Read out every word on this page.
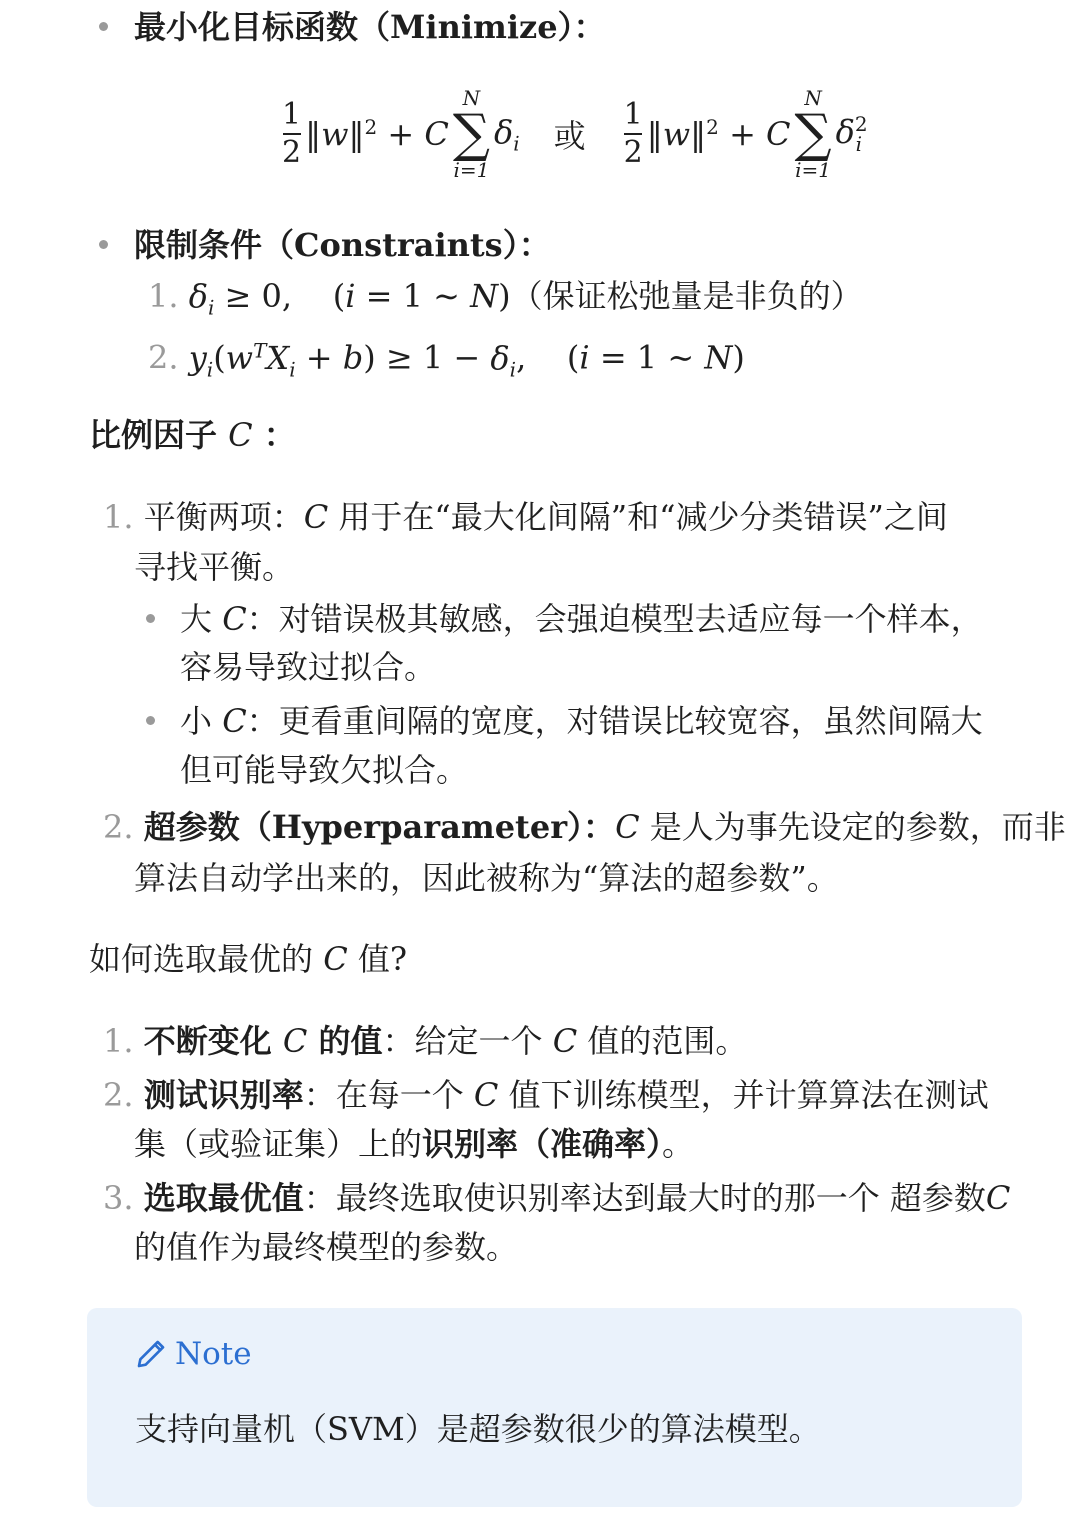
最小化目标函数（Minimize）：
$\frac{1}{2}$ ‖w‖$^2$ + C
N
∑
i=1
$\delta_i$ 或 $\frac{1}{2}$ ‖w‖$^2$ + C
N
∑
i=1
$\delta^2_i$
限制条件（Constraints）：
1. $\delta_i \ge 0$,    (i = 1 ∼ N)（保证松弛量是非负的）
2. $y_i(w^TX_i + b) \ge 1 - \delta_i$,    (i = 1 ∼ N)
比例因子 C ：
1. 平衡两项：C 用于在“最大化间隔”和“减少分类错误”之间
寻找平衡。
大 C：对错误极其敏感，会强迫模型去适应每一个样本，
容易导致过拟合。
小 C：更看重间隔的宽度，对错误比较宽容，虽然间隔大
但可能导致欠拟合。
2. 超参数（Hyperparameter）：C 是人为事先设定的参数，而非
算法自动学出来的，因此被称为“算法的超参数”。
如何选取最优的 C 值?
1. 不断变化 C 的值：给定一个 C 值的范围。
2. 测试识别率：在每一个 C 值下训练模型，并计算算法在测试
集（或验证集）上的识别率（准确率）。
3. 选取最优值：最终选取使识别率达到最大时的那一个 超参数C
的值作为最终模型的参数。
Note
支持向量机（SVM）是超参数很少的算法模型。
